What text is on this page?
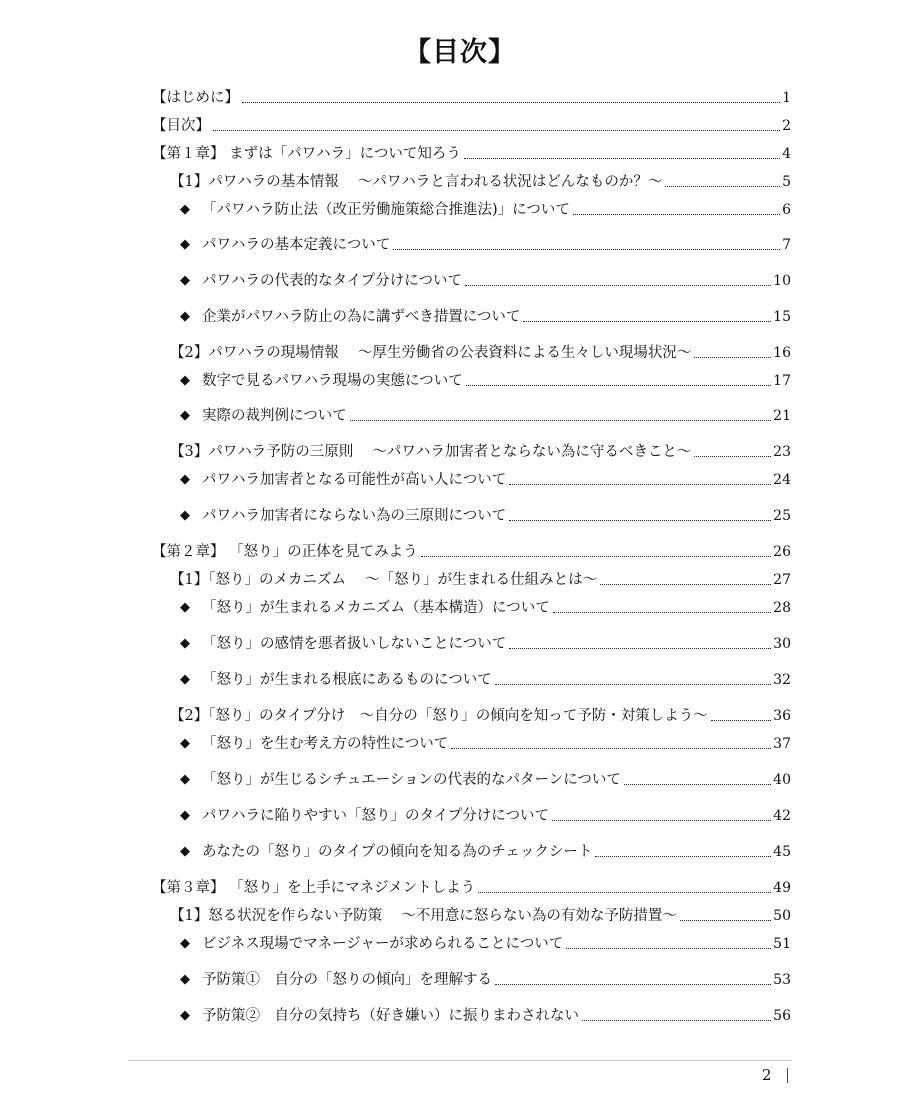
【目次】
【はじめに】	1
【目次】	2
【第１章】 まずは「パワハラ」について知ろう	4
【1】パワハラの基本情報　 ～パワハラと言われる状況はどんなものか？～	5
◆ 「パワハラ防止法（改正労働施策総合推進法)」について	6
◆ パワハラの基本定義について	7
◆ パワハラの代表的なタイプ分けについて	10
◆ 企業がパワハラ防止の為に講ずべき措置について	15
【2】パワハラの現場情報　 ～厚生労働省の公表資料による生々しい現場状況～	16
◆ 数字で見るパワハラ現場の実態について	17
◆ 実際の裁判例について	21
【3】パワハラ予防の三原則　 ～パワハラ加害者とならない為に守るべきこと～	23
◆ パワハラ加害者となる可能性が高い人について	24
◆ パワハラ加害者にならない為の三原則について	25
【第２章】 「怒り」の正体を見てみよう	26
【1】「怒り」のメカニズム　 ～「怒り」が生まれる仕組みとは～	27
◆ 「怒り」が生まれるメカニズム（基本構造）について	28
◆ 「怒り」の感情を悪者扱いしないことについて	30
◆ 「怒り」が生まれる根底にあるものについて	32
【2】「怒り」のタイプ分け　～自分の「怒り」の傾向を知って予防・対策しよう～	36
◆ 「怒り」を生む考え方の特性について	37
◆ 「怒り」が生じるシチュエーションの代表的なパターンについて	40
◆ パワハラに陥りやすい「怒り」のタイプ分けについて	42
◆ あなたの「怒り」のタイプの傾向を知る為のチェックシート	45
【第３章】 「怒り」を上手にマネジメントしよう	49
【1】怒る状況を作らない予防策　 ～不用意に怒らない為の有効な予防措置～	50
◆ ビジネス現場でマネージャーが求められることについて	51
◆ 予防策①　自分の「怒りの傾向」を理解する	53
◆ 予防策②　自分の気持ち（好き嫌い）に振りまわされない	56
2
